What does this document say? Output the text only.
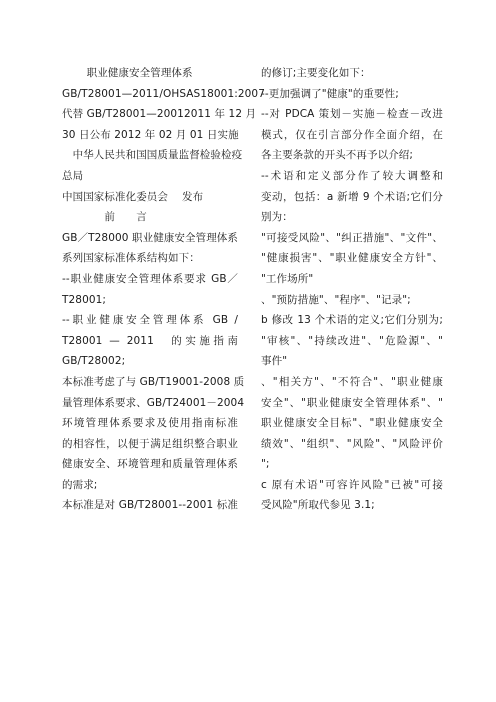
　　 职业健康安全管理体系

GB/T28001—2011/OHSAS18001:2007

代替 GB/T28001—20012011 年 12 月

30 日公布 2012 年 02 月 01 日实施

　中华人民共和国国质量监督检验检疫

总局

中国国家标准化委员会　 发布

　　　　前　　言

GB／T28000 职业健康安全管理体系

系列国家标准体系结构如下：

--职业健康安全管理体系要求 GB／

T28001;

--职业健康安全管理体系 GB /

T28001 — 2011　的实施指南

GB/T28002;

本标准考虑了与 GB/T19001-2008 质

量管理体系要求、GB/T24001－2004

环境管理体系要求及使用指南标准

的相容性，以便于满足组织整合职业

健康安全、环境管理和质量管理体系

的需求;

本标准是对 GB/T28001--2001 标准

的修订;主要变化如下：

--更加强调了"健康"的重要性;

--对 PDCA 策划－实施－检查－改进

模式，仅在引言部分作全面介绍，在

各主要条款的开头不再予以介绍;

--术语和定义部分作了较大调整和

变动，包括：a 新增 9 个术语;它们分

别为：

"可接受风险"、"纠正措施"、"文件"、

"健康损害"、"职业健康安全方针"、

"工作场所"

、"预防措施"、"程序"、"记录";

b 修改 13 个术语的定义;它们分别为;

"审核"、"持续改进"、"危险源"、"

事件"

、"相关方"、"不符合"、"职业健康

安全"、"职业健康安全管理体系"、"

职业健康安全目标"、"职业健康安全

绩效"、"组织"、"风险"、"风险评价

";

c 原有术语"可容许风险"已被"可接

受风险"所取代参见 3.1;
